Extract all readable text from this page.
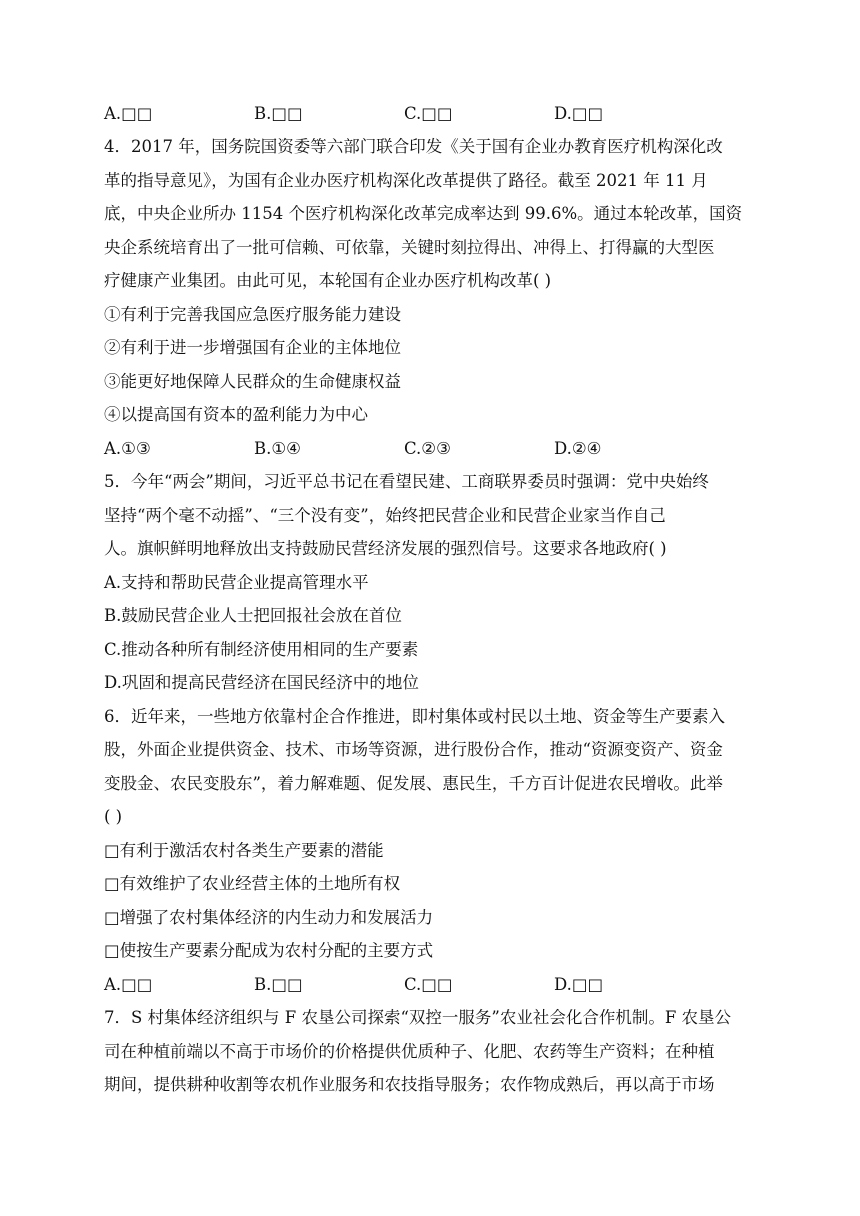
A.□□	B.□□	C.□□	D.□□
4．2017 年，国务院国资委等六部门联合印发《关于国有企业办教育医疗机构深化改
革的指导意见》，为国有企业办医疗机构深化改革提供了路径。截至 2021 年 11 月
底，中央企业所办 1154 个医疗机构深化改革完成率达到 99.6%。通过本轮改革，国资
央企系统培育出了一批可信赖、可依靠，关键时刻拉得出、冲得上、打得赢的大型医
疗健康产业集团。由此可见，本轮国有企业办医疗机构改革( )
①有利于完善我国应急医疗服务能力建设
②有利于进一步增强国有企业的主体地位
③能更好地保障人民群众的生命健康权益
④以提高国有资本的盈利能力为中心
A.①③	B.①④	C.②③	D.②④
5．今年“两会”期间，习近平总书记在看望民建、工商联界委员时强调：党中央始终
坚持“两个毫不动摇”、“三个没有变”，始终把民营企业和民营企业家当作自己
人。旗帜鲜明地释放出支持鼓励民营经济发展的强烈信号。这要求各地政府( )
A.支持和帮助民营企业提高管理水平
B.鼓励民营企业人士把回报社会放在首位
C.推动各种所有制经济使用相同的生产要素
D.巩固和提高民营经济在国民经济中的地位
6．近年来，一些地方依靠村企合作推进，即村集体或村民以土地、资金等生产要素入
股，外面企业提供资金、技术、市场等资源，进行股份合作，推动“资源变资产、资金
变股金、农民变股东”，着力解难题、促发展、惠民生，千方百计促进农民增收。此举
( )
□有利于激活农村各类生产要素的潜能
□有效维护了农业经营主体的土地所有权
□增强了农村集体经济的内生动力和发展活力
□使按生产要素分配成为农村分配的主要方式
A.□□	B.□□	C.□□	D.□□
7．S 村集体经济组织与 F 农垦公司探索“双控一服务”农业社会化合作机制。F 农垦公
司在种植前端以不高于市场价的价格提供优质种子、化肥、农药等生产资料；在种植
期间，提供耕种收割等农机作业服务和农技指导服务；农作物成熟后，再以高于市场
